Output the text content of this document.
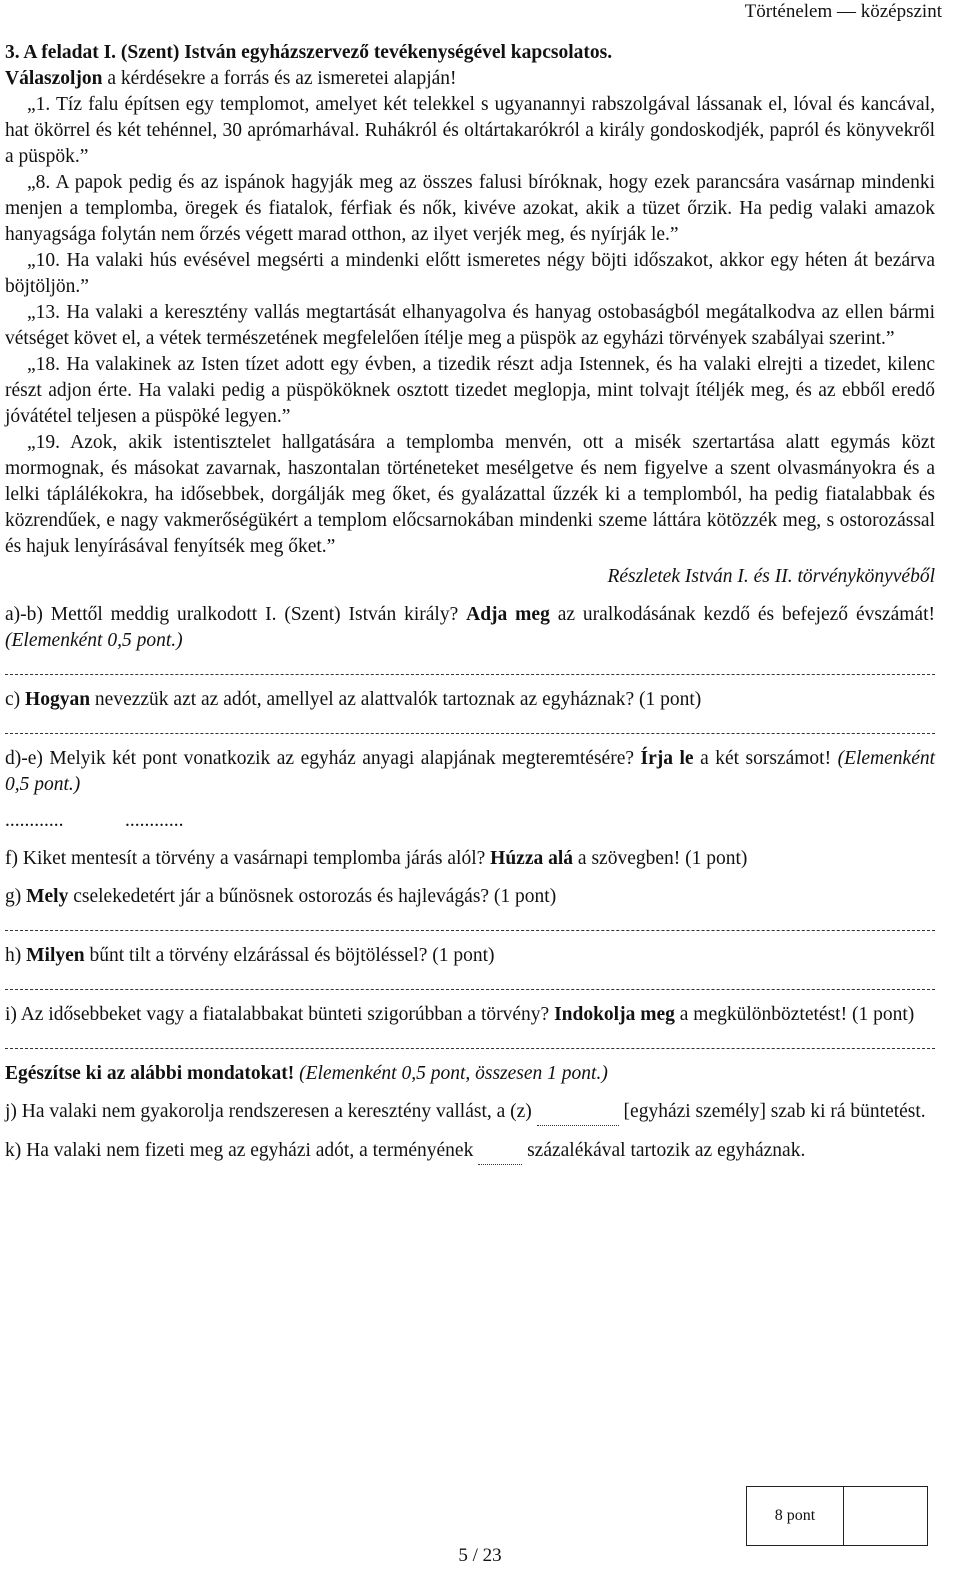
Történelem — középszint
3. A feladat I. (Szent) István egyházszervező tevékenységével kapcsolatos.
Válaszoljon a kérdésekre a forrás és az ismeretei alapján!

„1. Tíz falu építsen egy templomot, amelyet két telekkel s ugyanannyi rabszolgával lássanak el, lóval és kancával, hat ökörrel és két tehénnel, 30 aprómarhával. Ruhákról és oltártakarókról a király gondoskodjék, papról és könyvekről a püspök.”

„8. A papok pedig és az ispánok hagyják meg az összes falusi bíróknak, hogy ezek parancsára vasárnap mindenki menjen a templomba, öregek és fiatalok, férfiak és nők, kivéve azokat, akik a tüzet őrzik. Ha pedig valaki amazok hanyagsága folytán nem őrzés végett marad otthon, az ilyet verjék meg, és nyírják le.”

„10. Ha valaki hús evésével megsérti a mindenki előtt ismeretes négy böjti időszakot, akkor egy héten át bezárva böjtöljön.”

„13. Ha valaki a keresztény vallás megtartását elhanyagolva és hanyag ostobaságból megátalkodva az ellen bármi vétséget követ el, a vétek természetének megfelelően ítélje meg a püspök az egyházi törvények szabályai szerint.”

„18. Ha valakinek az Isten tízet adott egy évben, a tizedik részt adja Istennek, és ha valaki elrejti a tizedet, kilenc részt adjon érte. Ha valaki pedig a püspököknek osztott tizedet meglopja, mint tolvajt ítéljék meg, és az ebből eredő jóvátétel teljesen a püspöké legyen.”

„19. Azok, akik istentisztelet hallgatására a templomba menvén, ott a misék szertartása alatt egymás közt mormognak, és másokat zavarnak, haszontalan történeteket mesélgetve és nem figyelve a szent olvasmányokra és a lelki táplálékokra, ha idősebbek, dorgálják meg őket, és gyalázattal űzzék ki a templomból, ha pedig fiatalabbak és közrendűek, e nagy vakmerőségükért a templom előcsarnokában mindenki szeme láttára kötözzék meg, s ostorozással és hajuk lenyírásával fenyítsék meg őket.”

Részletek István I. és II. törvénykönyvéből

a)-b) Mettől meddig uralkodott I. (Szent) István király? Adja meg az uralkodásának kezdő és befejező évszámát! (Elemenként 0,5 pont.)

c) Hogyan nevezzük azt az adót, amellyel az alattvalók tartoznak az egyháznak? (1 pont)

d)-e) Melyik két pont vonatkozik az egyház anyagi alapjának megteremtésére? Írja le a két sorszámot! (Elemenként 0,5 pont.)

............	............

f) Kiket mentesít a törvény a vasárnapi templomba járás alól? Húzza alá a szövegben! (1 pont)

g) Mely cselekedetért jár a bűnösnek ostorozás és hajlevágás? (1 pont)

h) Milyen bűnt tilt a törvény elzárással és böjtöléssel? (1 pont)

i) Az idősebbeket vagy a fiatalabbakat bünteti szigorúbban a törvény? Indokolja meg a megkülönböztetést! (1 pont)

Egészítse ki az alábbi mondatokat! (Elemenként 0,5 pont, összesen 1 pont.)

j) Ha valaki nem gyakorolja rendszeresen a keresztény vallást, a (z)	[egyházi személy] szab ki rá büntetést.

k) Ha valaki nem fizeti meg az egyházi adót, a terményének	százalékával tartozik az egyháznak.

8 pont
5 / 23
